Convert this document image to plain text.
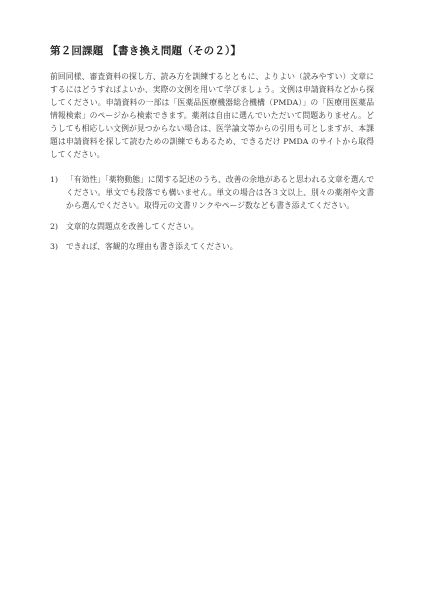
第２回課題 【書き換え問題（その２）】
前回同様、審査資料の探し方、読み方を訓練するとともに、よりよい（読みやすい）文章にするにはどうすればよいか、実際の文例を用いて学びましょう。文例は申請資料などから探してください。申請資料の一部は「医薬品医療機器総合機構（PMDA）」の「医療用医薬品 情報検索」のページから検索できます。薬剤は自由に選んでいただいて問題ありません。どうしても相応しい文例が見つからない場合は、医学論文等からの引用も可としますが、本課題は申請資料を探して読むための訓練でもあるため、できるだけ PMDA のサイトから取得してください。
1)	「有効性」「薬物動態」に関する記述のうち、改善の余地があると思われる文章を選んでください。単文でも段落でも構いません。単文の場合は各３文以上、別々の薬剤や文書から選んでください。取得元の文書リンクやページ数なども書き添えてください。
2)	文章的な問題点を改善してください。
3)	できれば、客観的な理由も書き添えてください。
